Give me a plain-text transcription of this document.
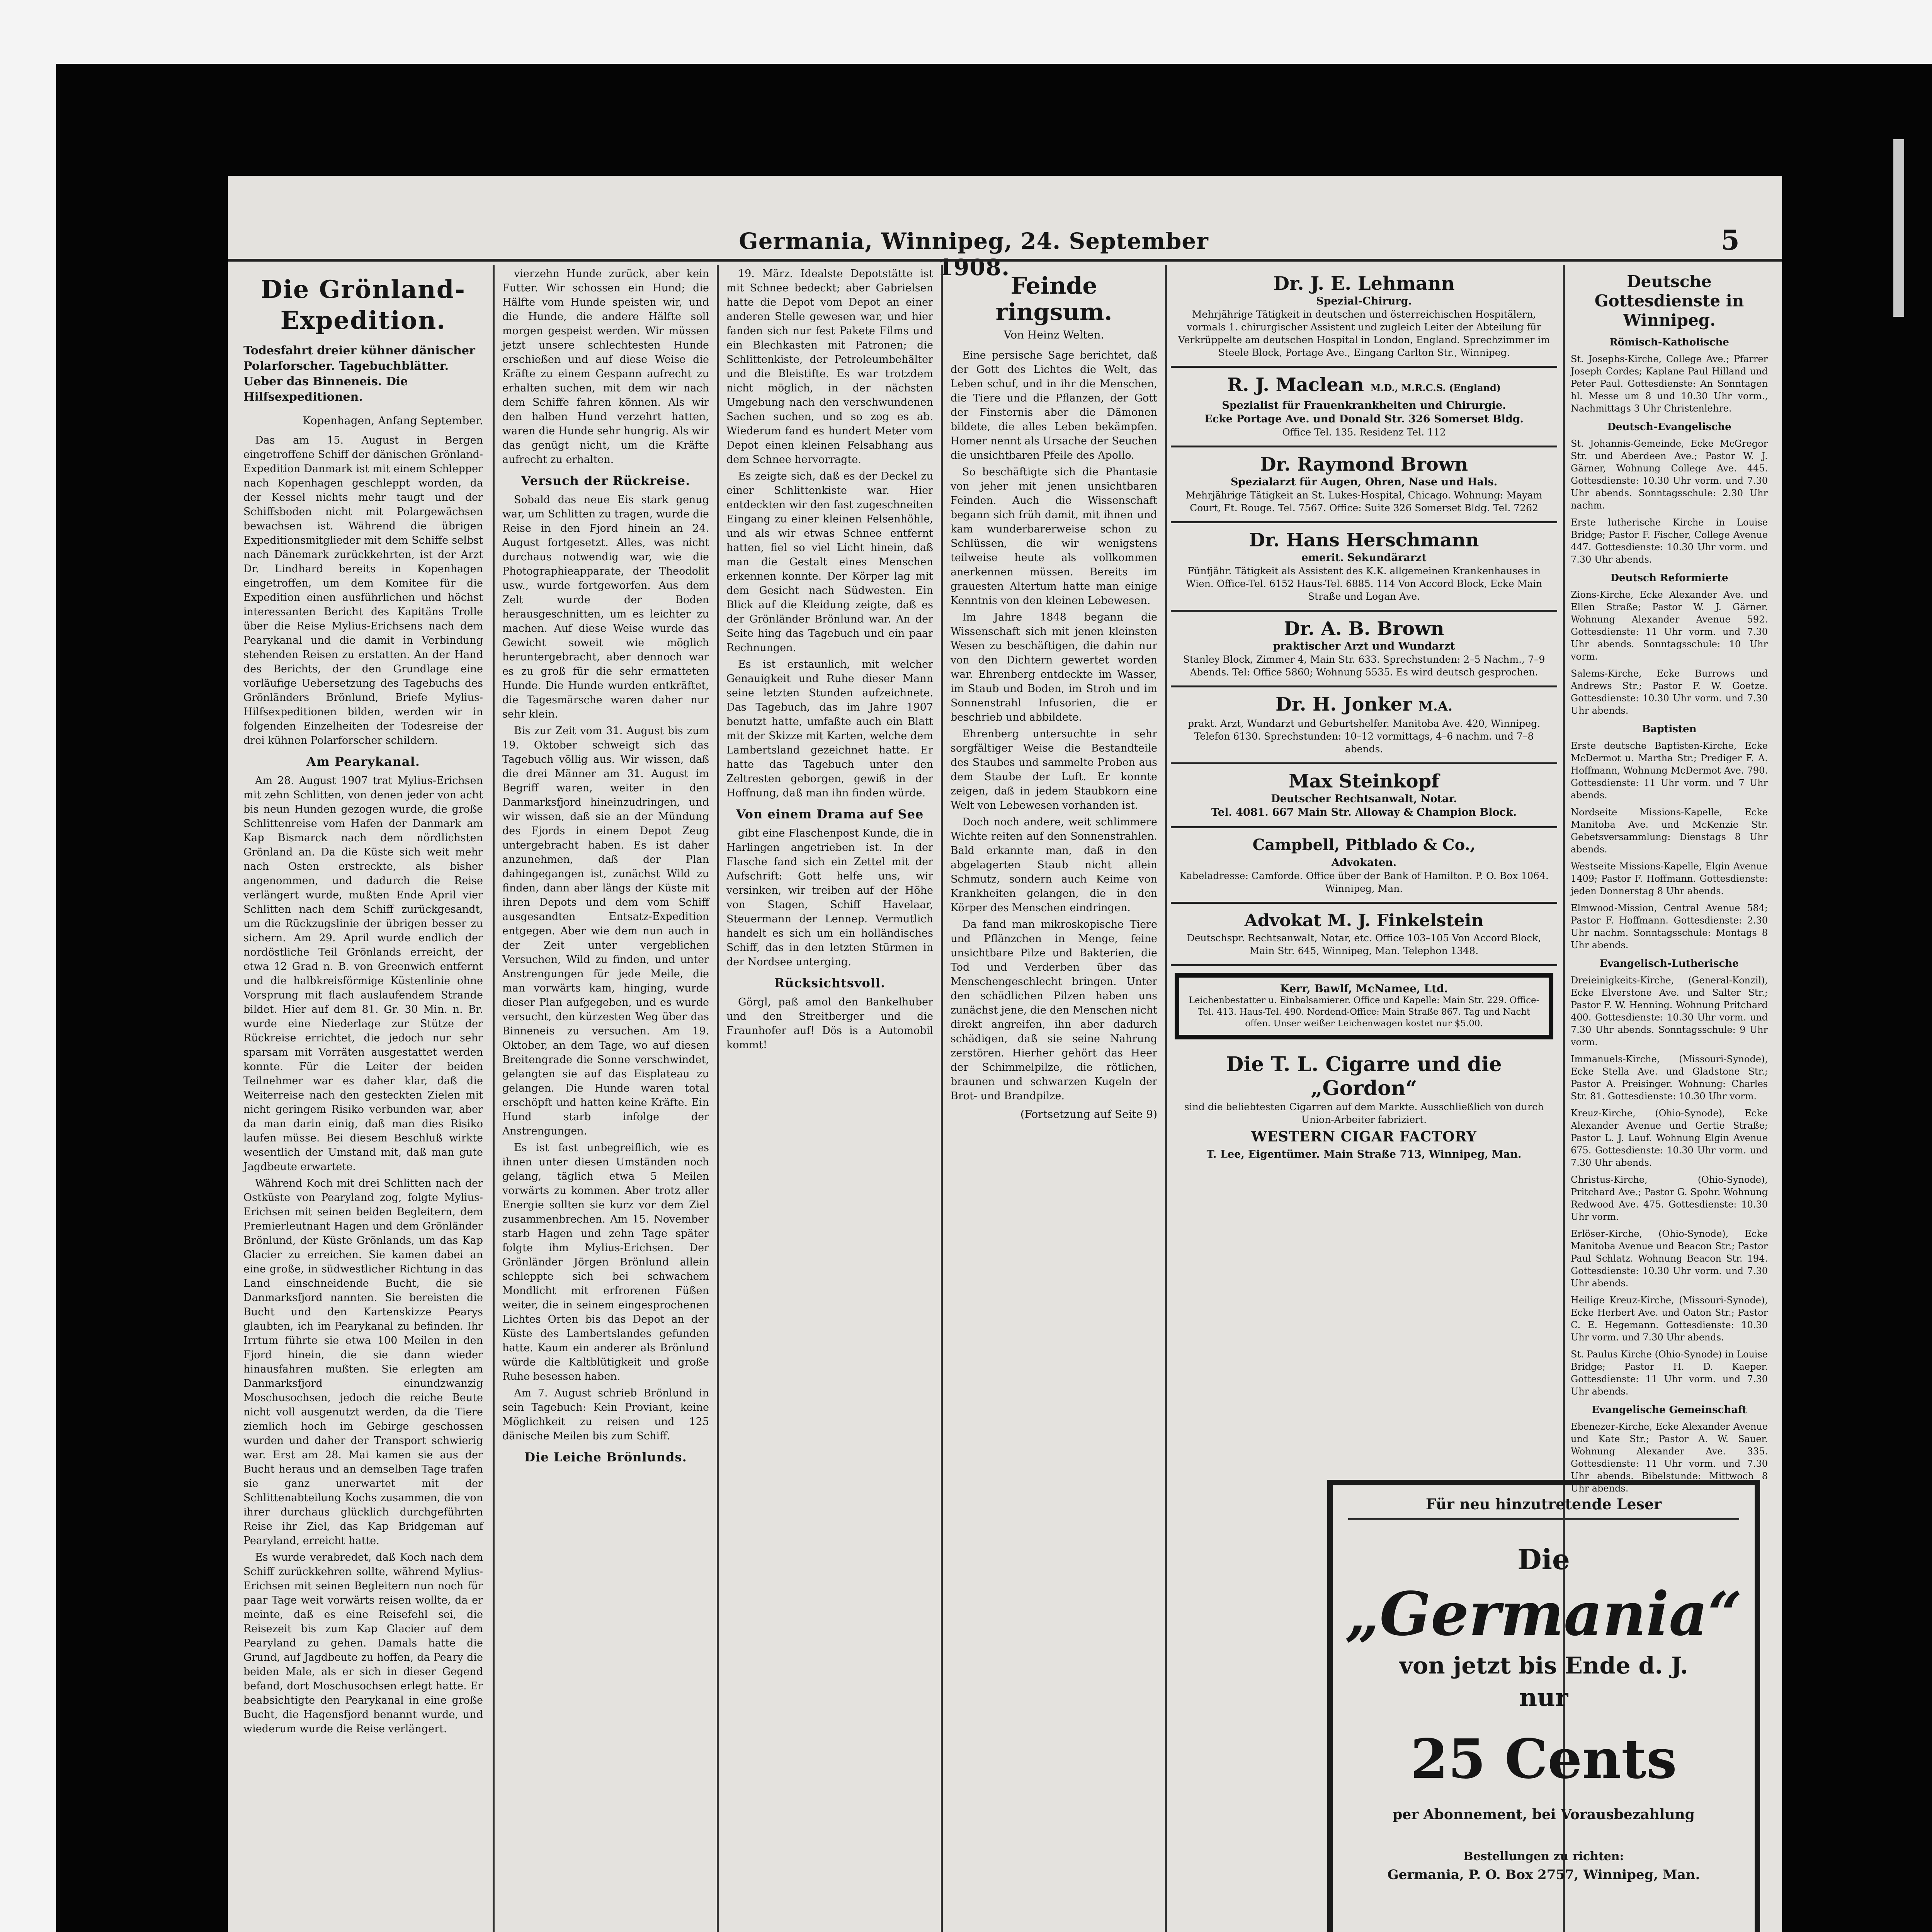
Germania, Winnipeg, 24. September 1908.
5
Die Grönland-Expedition.
Todesfahrt dreier kühner dänischer Polarforscher. Tagebuchblätter. Ueber das Binneneis. Die Hilfsexpeditionen.
Kopenhagen, Anfang September.

Das am 15. August in Bergen eingetroffene Schiff der dänischen Grönland-Expedition Danmark ist mit einem Schlepper nach Kopenhagen geschleppt worden, da der Kessel nichts mehr taugt und der Schiffsboden nicht mit Polargewächsen bewachsen ist. Während die übrigen Expeditionsmitglieder mit dem Schiffe selbst nach Dänemark zurückkehrten, ist der Arzt Dr. Lindhard bereits in Kopenhagen eingetroffen, um dem Komitee für die Expedition einen ausführlichen und höchst interessanten Bericht des Kapitäns Trolle über die Reise Mylius-Erichsens nach dem Pearykanal und die damit in Verbindung stehenden Reisen zu erstatten. An der Hand des Berichts, der den Grundlage eine vorläufige Uebersetzung des Tagebuchs des Grönländers Brönlund, Briefe Mylius-Hilfsexpeditionen bilden, werden wir in folgenden Einzelheiten der Todesreise der drei kühnen Polarforscher schildern.

Am Pearykanal.

Am 28. August 1907 trat Mylius-Erichsen mit zehn Schlitten, von denen jeder von acht bis neun Hunden gezogen wurde, die große Schlittenreise vom Hafen der Danmark am Kap Bismarck nach dem nördlichsten Grönland an. Da die Küste sich weit mehr nach Osten erstreckte, als bisher angenommen, und dadurch die Reise verlängert wurde, mußten Ende April vier Schlitten nach dem Schiff zurückgesandt, um die Rückzugslinie der übrigen besser zu sichern. Am 29. April wurde endlich der nordöstliche Teil Grönlands erreicht, der etwa 12 Grad n. B. von Greenwich entfernt und die halbkreisförmige Küstenlinie ohne Vorsprung mit flach auslaufendem Strande bildet. Hier auf dem 81. Gr. 30 Min. n. Br. wurde eine Niederlage zur Stütze der Rückreise errichtet, die jedoch nur sehr sparsam mit Vorräten ausgestattet werden konnte. Für die Leiter der beiden Teilnehmer war es daher klar, daß die Weiterreise nach den gesteckten Zielen mit nicht geringem Risiko verbunden war, aber da man darin einig, daß man dies Risiko laufen müsse. Bei diesem Beschluß wirkte wesentlich der Umstand mit, daß man gute Jagdbeute erwartete.

Während Koch mit drei Schlitten nach der Ostküste von Pearyland zog, folgte Mylius-Erichsen mit seinen beiden Begleitern, dem Premierleutnant Hagen und dem Grönländer Brönlund, der Küste Grönlands, um das Kap Glacier zu erreichen. Sie kamen dabei an eine große, in südwestlicher Richtung in das Land einschneidende Bucht, die sie Danmarksfjord nannten. Sie bereisten die Bucht und den Kartenskizze Pearys glaubten, ich im Pearykanal zu befinden. Ihr Irrtum führte sie etwa 100 Meilen in den Fjord hinein, die sie dann wieder hinausfahren mußten. Sie erlegten am Danmarksfjord einundzwanzig Moschusochsen, jedoch die reiche Beute nicht voll ausgenutzt werden, da die Tiere ziemlich hoch im Gebirge geschossen wurden und daher der Transport schwierig war. Erst am 28. Mai kamen sie aus der Bucht heraus und an demselben Tage trafen sie ganz unerwartet mit der Schlittenabteilung Kochs zusammen, die von ihrer durchaus glücklich durchgeführten Reise ihr Ziel, das Kap Bridgeman auf Pearyland, erreicht hatte.

Es wurde verabredet, daß Koch nach dem Schiff zurückkehren sollte, während Mylius-Erichsen mit seinen Begleitern nun noch für paar Tage weit vorwärts reisen wollte, da er meinte, daß es eine Reisefehl sei, die Reisezeit bis zum Kap Glacier auf dem Pearyland zu gehen. Damals hatte die Grund, auf Jagdbeute zu hoffen, da Peary die beiden Male, als er sich in dieser Gegend befand, dort Moschusochsen erlegt hatte. Er beabsichtigte den Pearykanal in eine große Bucht, die Hagensfjord benannt wurde, und wiederum wurde die Reise verlängert.

vierzehn Hunde zurück, aber kein Futter. Wir schossen ein Hund; die Hälfte vom Hunde speisten wir, und die Hunde, die andere Hälfte soll morgen gespeist werden. Wir müssen jetzt unsere schlechtesten Hunde erschießen und auf diese Weise die Kräfte zu einem Gespann aufrecht zu erhalten suchen, mit dem wir nach dem Schiffe fahren können. Als wir den halben Hund verzehrt hatten, waren die Hunde sehr hungrig. Als wir das genügt nicht, um die Kräfte aufrecht zu erhalten.

Versuch der Rückreise.

Sobald das neue Eis stark genug war, um Schlitten zu tragen, wurde die Reise in den Fjord hinein an 24. August fortgesetzt. Alles, was nicht durchaus notwendig war, wie die Photographieapparate, der Theodolit usw., wurde fortgeworfen. Aus dem Zelt wurde der Boden herausgeschnitten, um es leichter zu machen. Auf diese Weise wurde das Gewicht soweit wie möglich heruntergebracht, aber dennoch war es zu groß für die sehr ermatteten Hunde. Die Hunde wurden entkräftet, die Tagesmärsche waren daher nur sehr klein.

Bis zur Zeit vom 31. August bis zum 19. Oktober schweigt sich das Tagebuch völlig aus. Wir wissen, daß die drei Männer am 31. August im Begriff waren, weiter in den Danmarksfjord hineinzudringen, und wir wissen, daß sie an der Mündung des Fjords in einem Depot Zeug untergebracht haben. Es ist daher anzunehmen, daß der Plan dahingegangen ist, zunächst Wild zu finden, dann aber längs der Küste mit ihren Depots und dem vom Schiff ausgesandten Entsatz-Expedition entgegen. Aber wie dem nun auch in der Zeit unter vergeblichen Versuchen, Wild zu finden, und unter Anstrengungen für jede Meile, die man vorwärts kam, hinging, wurde dieser Plan aufgegeben, und es wurde versucht, den kürzesten Weg über das Binneneis zu versuchen. Am 19. Oktober, an dem Tage, wo auf diesen Breitengrade die Sonne verschwindet, gelangten sie auf das Eisplateau zu gelangen. Die Hunde waren total erschöpft und hatten keine Kräfte. Ein Hund starb infolge der Anstrengungen.

Es ist fast unbegreiflich, wie es ihnen unter diesen Umständen noch gelang, täglich etwa 5 Meilen vorwärts zu kommen. Aber trotz aller Energie sollten sie kurz vor dem Ziel zusammenbrechen. Am 15. November starb Hagen und zehn Tage später folgte ihm Mylius-Erichsen. Der Grönländer Jörgen Brönlund allein schleppte sich bei schwachem Mondlicht mit erfrorenen Füßen weiter, die in seinem eingesprochenen Lichtes Orten bis das Depot an der Küste des Lambertslandes gefunden hatte. Kaum ein anderer als Brönlund würde die Kaltblütigkeit und große Ruhe besessen haben.

Am 7. August schrieb Brönlund in sein Tagebuch: Kein Proviant, keine Möglichkeit zu reisen und 125 dänische Meilen bis zum Schiff.

Die Leiche Brönlunds.

19. März. Idealste Depotstätte ist mit Schnee bedeckt; aber Gabrielsen hatte die Depot vom Depot an einer anderen Stelle gewesen war, und hier fanden sich nur fest Pakete Films und ein Blechkasten mit Patronen; die Schlittenkiste, der Petroleumbehälter und die Bleistifte. Es war trotzdem nicht möglich, in der nächsten Umgebung nach den verschwundenen Sachen suchen, und so zog es ab. Wiederum fand es hundert Meter vom Depot einen kleinen Felsabhang aus dem Schnee hervorragte.

Es zeigte sich, daß es der Deckel zu einer Schlittenkiste war. Hier entdeckten wir den fast zugeschneiten Eingang zu einer kleinen Felsenhöhle, und als wir etwas Schnee entfernt hatten, fiel so viel Licht hinein, daß man die Gestalt eines Menschen erkennen konnte. Der Körper lag mit dem Gesicht nach Südwesten. Ein Blick auf die Kleidung zeigte, daß es der Grönländer Brönlund war. An der Seite hing das Tagebuch und ein paar Rechnungen.

Es ist erstaunlich, mit welcher Genauigkeit und Ruhe dieser Mann seine letzten Stunden aufzeichnete. Das Tagebuch, das im Jahre 1907 benutzt hatte, umfaßte auch ein Blatt mit der Skizze mit Karten, welche dem Lambertsland gezeichnet hatte. Er hatte das Tagebuch unter den Zeltresten geborgen, gewiß in der Hoffnung, daß man ihn finden würde.

Von einem Drama auf See

gibt eine Flaschenpost Kunde, die in Harlingen angetrieben ist. In der Flasche fand sich ein Zettel mit der Aufschrift: Gott helfe uns, wir versinken, wir treiben auf der Höhe von Stagen, Schiff Havelaar, Steuermann der Lennep. Vermutlich handelt es sich um ein holländisches Schiff, das in den letzten Stürmen in der Nordsee unterging.

Rücksichtsvoll.

Görgl, paß amol den Bankelhuber und den Streitberger und die Fraunhofer auf! Dös is a Automobil kommt!

Feinde ringsum.
Von Heinz Welten.

Eine persische Sage berichtet, daß der Gott des Lichtes die Welt, das Leben schuf, und in ihr die Menschen, die Tiere und die Pflanzen, der Gott der Finsternis aber die Dämonen bildete, die alles Leben bekämpfen. Homer nennt als Ursache der Seuchen die unsichtbaren Pfeile des Apollo.

So beschäftigte sich die Phantasie von jeher mit jenen unsichtbaren Feinden. Auch die Wissenschaft begann sich früh damit, mit ihnen und kam wunderbarerweise schon zu Schlüssen, die wir wenigstens teilweise heute als vollkommen anerkennen müssen. Bereits im grauesten Altertum hatte man einige Kenntnis von den kleinen Lebewesen.

Im Jahre 1848 begann die Wissenschaft sich mit jenen kleinsten Wesen zu beschäftigen, die dahin nur von den Dichtern gewertet worden war. Ehrenberg entdeckte im Wasser, im Staub und Boden, im Stroh und im Sonnenstrahl Infusorien, die er beschrieb und abbildete.

Ehrenberg untersuchte in sehr sorgfältiger Weise die Bestandteile des Staubes und sammelte Proben aus dem Staube der Luft. Er konnte zeigen, daß in jedem Staubkorn eine Welt von Lebewesen vorhanden ist.

Doch noch andere, weit schlimmere Wichte reiten auf den Sonnenstrahlen. Bald erkannte man, daß in den abgelagerten Staub nicht allein Schmutz, sondern auch Keime von Krankheiten gelangen, die in den Körper des Menschen eindringen.

Da fand man mikroskopische Tiere und Pflänzchen in Menge, feine unsichtbare Pilze und Bakterien, die Tod und Verderben über das Menschengeschlecht bringen. Unter den schädlichen Pilzen haben uns zunächst jene, die den Menschen nicht direkt angreifen, ihn aber dadurch schädigen, daß sie seine Nahrung zerstören. Hierher gehört das Heer der Schimmelpilze, die rötlichen, braunen und schwarzen Kugeln der Brot- und Brandpilze.

(Fortsetzung auf Seite 9)
Dr. J. E. Lehmann
Spezial-Chirurg.
Mehrjährige Tätigkeit in deutschen und österreichischen Hospitälern, vormals 1. chirurgischer Assistent und zugleich Leiter der Abteilung für Verkrüppelte am deutschen Hospital in London, England. Sprechzimmer im Steele Block, Portage Ave., Eingang Carlton Str., Winnipeg.
R. J. Maclean M.D., M.R.C.S. (England)
Spezialist für Frauenkrankheiten und Chirurgie.
Ecke Portage Ave. und Donald Str. 326 Somerset Bldg.
Office Tel. 135. Residenz Tel. 112
Dr. Raymond Brown
Spezialarzt für Augen, Ohren, Nase und Hals.
Mehrjährige Tätigkeit an St. Lukes-Hospital, Chicago. Wohnung: Mayam Court, Ft. Rouge. Tel. 7567. Office: Suite 326 Somerset Bldg. Tel. 7262
Dr. Hans Herschmann
emerit. Sekundärarzt
Fünfjähr. Tätigkeit als Assistent des K.K. allgemeinen Krankenhauses in Wien. Office-Tel. 6152 Haus-Tel. 6885. 114 Von Accord Block, Ecke Main Straße und Logan Ave.
Dr. A. B. Brown
praktischer Arzt und Wundarzt
Stanley Block, Zimmer 4, Main Str. 633. Sprechstunden: 2–5 Nachm., 7–9 Abends. Tel: Office 5860; Wohnung 5535. Es wird deutsch gesprochen.
Dr. H. Jonker M.A.
prakt. Arzt, Wundarzt und Geburtshelfer. Manitoba Ave. 420, Winnipeg. Telefon 6130. Sprechstunden: 10–12 vormittags, 4–6 nachm. und 7–8 abends.
Max Steinkopf
Deutscher Rechtsanwalt, Notar.
Tel. 4081. 667 Main Str. Alloway & Champion Block.
Campbell, Pitblado & Co.,
Advokaten.
Kabeladresse: Camforde. Office über der Bank of Hamilton. P. O. Box 1064. Winnipeg, Man.
Advokat M. J. Finkelstein
Deutschspr. Rechtsanwalt, Notar, etc. Office 103–105 Von Accord Block, Main Str. 645, Winnipeg, Man. Telephon 1348.
Kerr, Bawlf, McNamee, Ltd.
Leichenbestatter u. Einbalsamierer. Office und Kapelle: Main Str. 229. Office-Tel. 413. Haus-Tel. 490. Nordend-Office: Main Straße 867. Tag und Nacht offen. Unser weißer Leichenwagen kostet nur $5.00.
Die T. L. Cigarre und die „Gordon“
sind die beliebtesten Cigarren auf dem Markte. Ausschließlich von durch Union-Arbeiter fabriziert.
WESTERN CIGAR FACTORY
T. Lee, Eigentümer. Main Straße 713, Winnipeg, Man.
Deutsche Gottesdienste in Winnipeg.
Römisch-Katholische
St. Josephs-Kirche, College Ave.; Pfarrer Joseph Cordes; Kaplane Paul Hilland und Peter Paul. Gottesdienste: An Sonntagen hl. Messe um 8 und 10.30 Uhr vorm., Nachmittags 3 Uhr Christenlehre.
Deutsch-Evangelische
St. Johannis-Gemeinde, Ecke McGregor Str. und Aberdeen Ave.; Pastor W. J. Gärner, Wohnung College Ave. 445. Gottesdienste: 10.30 Uhr vorm. und 7.30 Uhr abends. Sonntagsschule: 2.30 Uhr nachm.
Erste lutherische Kirche in Louise Bridge; Pastor F. Fischer, College Avenue 447. Gottesdienste: 10.30 Uhr vorm. und 7.30 Uhr abends.
Deutsch Reformierte
Zions-Kirche, Ecke Alexander Ave. und Ellen Straße; Pastor W. J. Gärner. Wohnung Alexander Avenue 592. Gottesdienste: 11 Uhr vorm. und 7.30 Uhr abends. Sonntagsschule: 10 Uhr vorm.
Salems-Kirche, Ecke Burrows und Andrews Str.; Pastor F. W. Goetze. Gottesdienste: 10.30 Uhr vorm. und 7.30 Uhr abends.
Baptisten
Erste deutsche Baptisten-Kirche, Ecke McDermot u. Martha Str.; Prediger F. A. Hoffmann, Wohnung McDermot Ave. 790. Gottesdienste: 11 Uhr vorm. und 7 Uhr abends.
Nordseite Missions-Kapelle, Ecke Manitoba Ave. und McKenzie Str. Gebetsversammlung: Dienstags 8 Uhr abends.
Westseite Missions-Kapelle, Elgin Avenue 1409; Pastor F. Hoffmann. Gottesdienste: jeden Donnerstag 8 Uhr abends.
Elmwood-Mission, Central Avenue 584; Pastor F. Hoffmann. Gottesdienste: 2.30 Uhr nachm. Sonntagsschule: Montags 8 Uhr abends.
Evangelisch-Lutherische
Dreieinigkeits-Kirche, (General-Konzil), Ecke Elverstone Ave. und Salter Str.; Pastor F. W. Henning. Wohnung Pritchard 400. Gottesdienste: 10.30 Uhr vorm. und 7.30 Uhr abends. Sonntagsschule: 9 Uhr vorm.
Immanuels-Kirche, (Missouri-Synode), Ecke Stella Ave. und Gladstone Str.; Pastor A. Preisinger. Wohnung: Charles Str. 81. Gottesdienste: 10.30 Uhr vorm.
Kreuz-Kirche, (Ohio-Synode), Ecke Alexander Avenue und Gertie Straße; Pastor L. J. Lauf. Wohnung Elgin Avenue 675. Gottesdienste: 10.30 Uhr vorm. und 7.30 Uhr abends.
Christus-Kirche, (Ohio-Synode), Pritchard Ave.; Pastor G. Spohr. Wohnung Redwood Ave. 475. Gottesdienste: 10.30 Uhr vorm.
Erlöser-Kirche, (Ohio-Synode), Ecke Manitoba Avenue und Beacon Str.; Pastor Paul Schlatz. Wohnung Beacon Str. 194. Gottesdienste: 10.30 Uhr vorm. und 7.30 Uhr abends.
Heilige Kreuz-Kirche, (Missouri-Synode), Ecke Herbert Ave. und Oaton Str.; Pastor C. E. Hegemann. Gottesdienste: 10.30 Uhr vorm. und 7.30 Uhr abends.
St. Paulus Kirche (Ohio-Synode) in Louise Bridge; Pastor H. D. Kaeper. Gottesdienste: 11 Uhr vorm. und 7.30 Uhr abends.
Evangelische Gemeinschaft
Ebenezer-Kirche, Ecke Alexander Avenue und Kate Str.; Pastor A. W. Sauer. Wohnung Alexander Ave. 335. Gottesdienste: 11 Uhr vorm. und 7.30 Uhr abends. Bibelstunde: Mittwoch 8 Uhr abends.
Für neu hinzutretende Leser
Die
„Germania“
von jetzt bis Ende d. J.
nur
25 Cents
per Abonnement, bei Vorausbezahlung
Bestellungen zu richten:
Germania, P. O. Box 2757, Winnipeg, Man.
